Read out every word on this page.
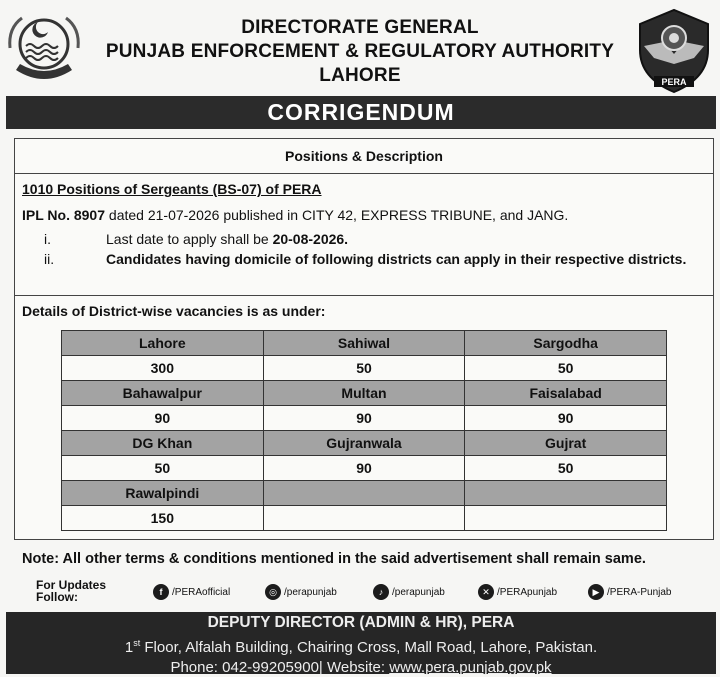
DIRECTORATE GENERAL
PUNJAB ENFORCEMENT & REGULATORY AUTHORITY
LAHORE	PERA
CORRIGENDUM
Positions & Description
1010 Positions of Sergeants (BS-07) of PERA
IPL No. 8907 dated 21-07-2026 published in CITY 42, EXPRESS TRIBUNE, and JANG.
i.	Last date to apply shall be 20-08-2026.
ii.	Candidates having domicile of following districts can apply in their respective districts.
Details of District-wise vacancies is as under:
Lahore	Sahiwal	Sargodha
300	50	50
Bahawalpur	Multan	Faisalabad
90	90	90
DG Khan	Gujranwala	Gujrat
50	90	50
Rawalpindi		
150		
Note: All other terms & conditions mentioned in the said advertisement shall remain same.
For Updates
Follow:	f /PERAofficial	◎ /perapunjab	♪ /perapunjab	✕ /PERApunjab	▶ /PERA-Punjab
DEPUTY DIRECTOR (ADMIN & HR), PERA
1st Floor, Alfalah Building, Chairing Cross, Mall Road, Lahore, Pakistan.
Phone: 042-99205900| Website: www.pera.punjab.gov.pk
